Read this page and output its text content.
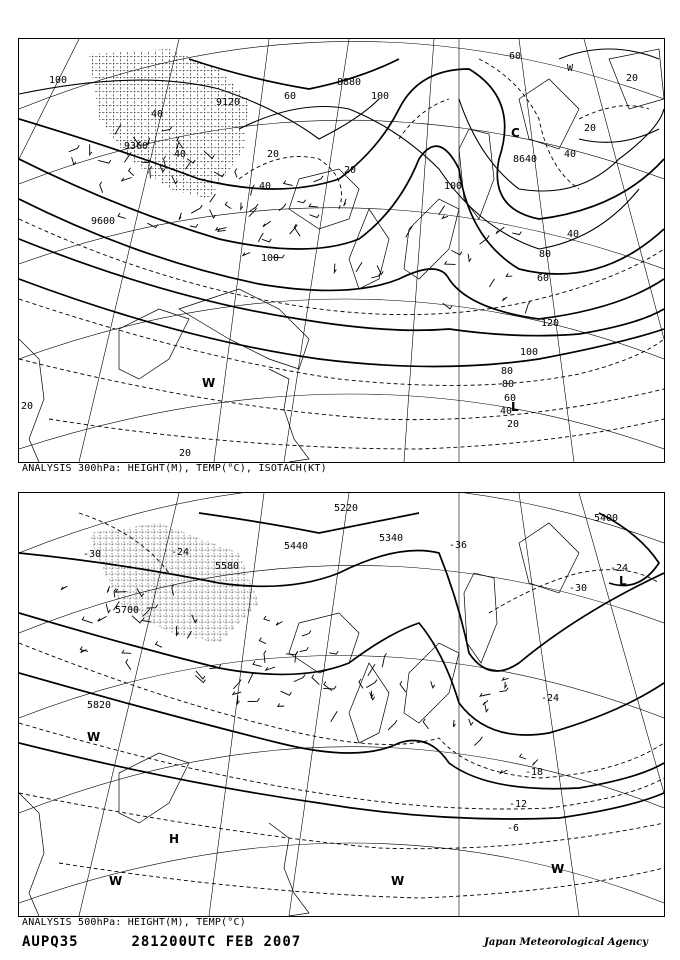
100
60
9120
8880
100
40
8640	40
60
100
20
9360
40
20
20
40
9600
100	80
40
60
80
120
100
80
60
40
20
20
20
20
W
W
L
C
ANALYSIS 300hPa: HEIGHT(M), TEMP(°C), ISOTACH(KT)
5220
5340
5440
5580
5700
5820
-30
-24
-24
-18
-12
-6
-36
-24
-30
5400
L
H
W	W
W
W
ANALYSIS 500hPa: HEIGHT(M), TEMP(°C)
AUPQ35	281200UTC FEB 2007	Japan Meteorological Agency
